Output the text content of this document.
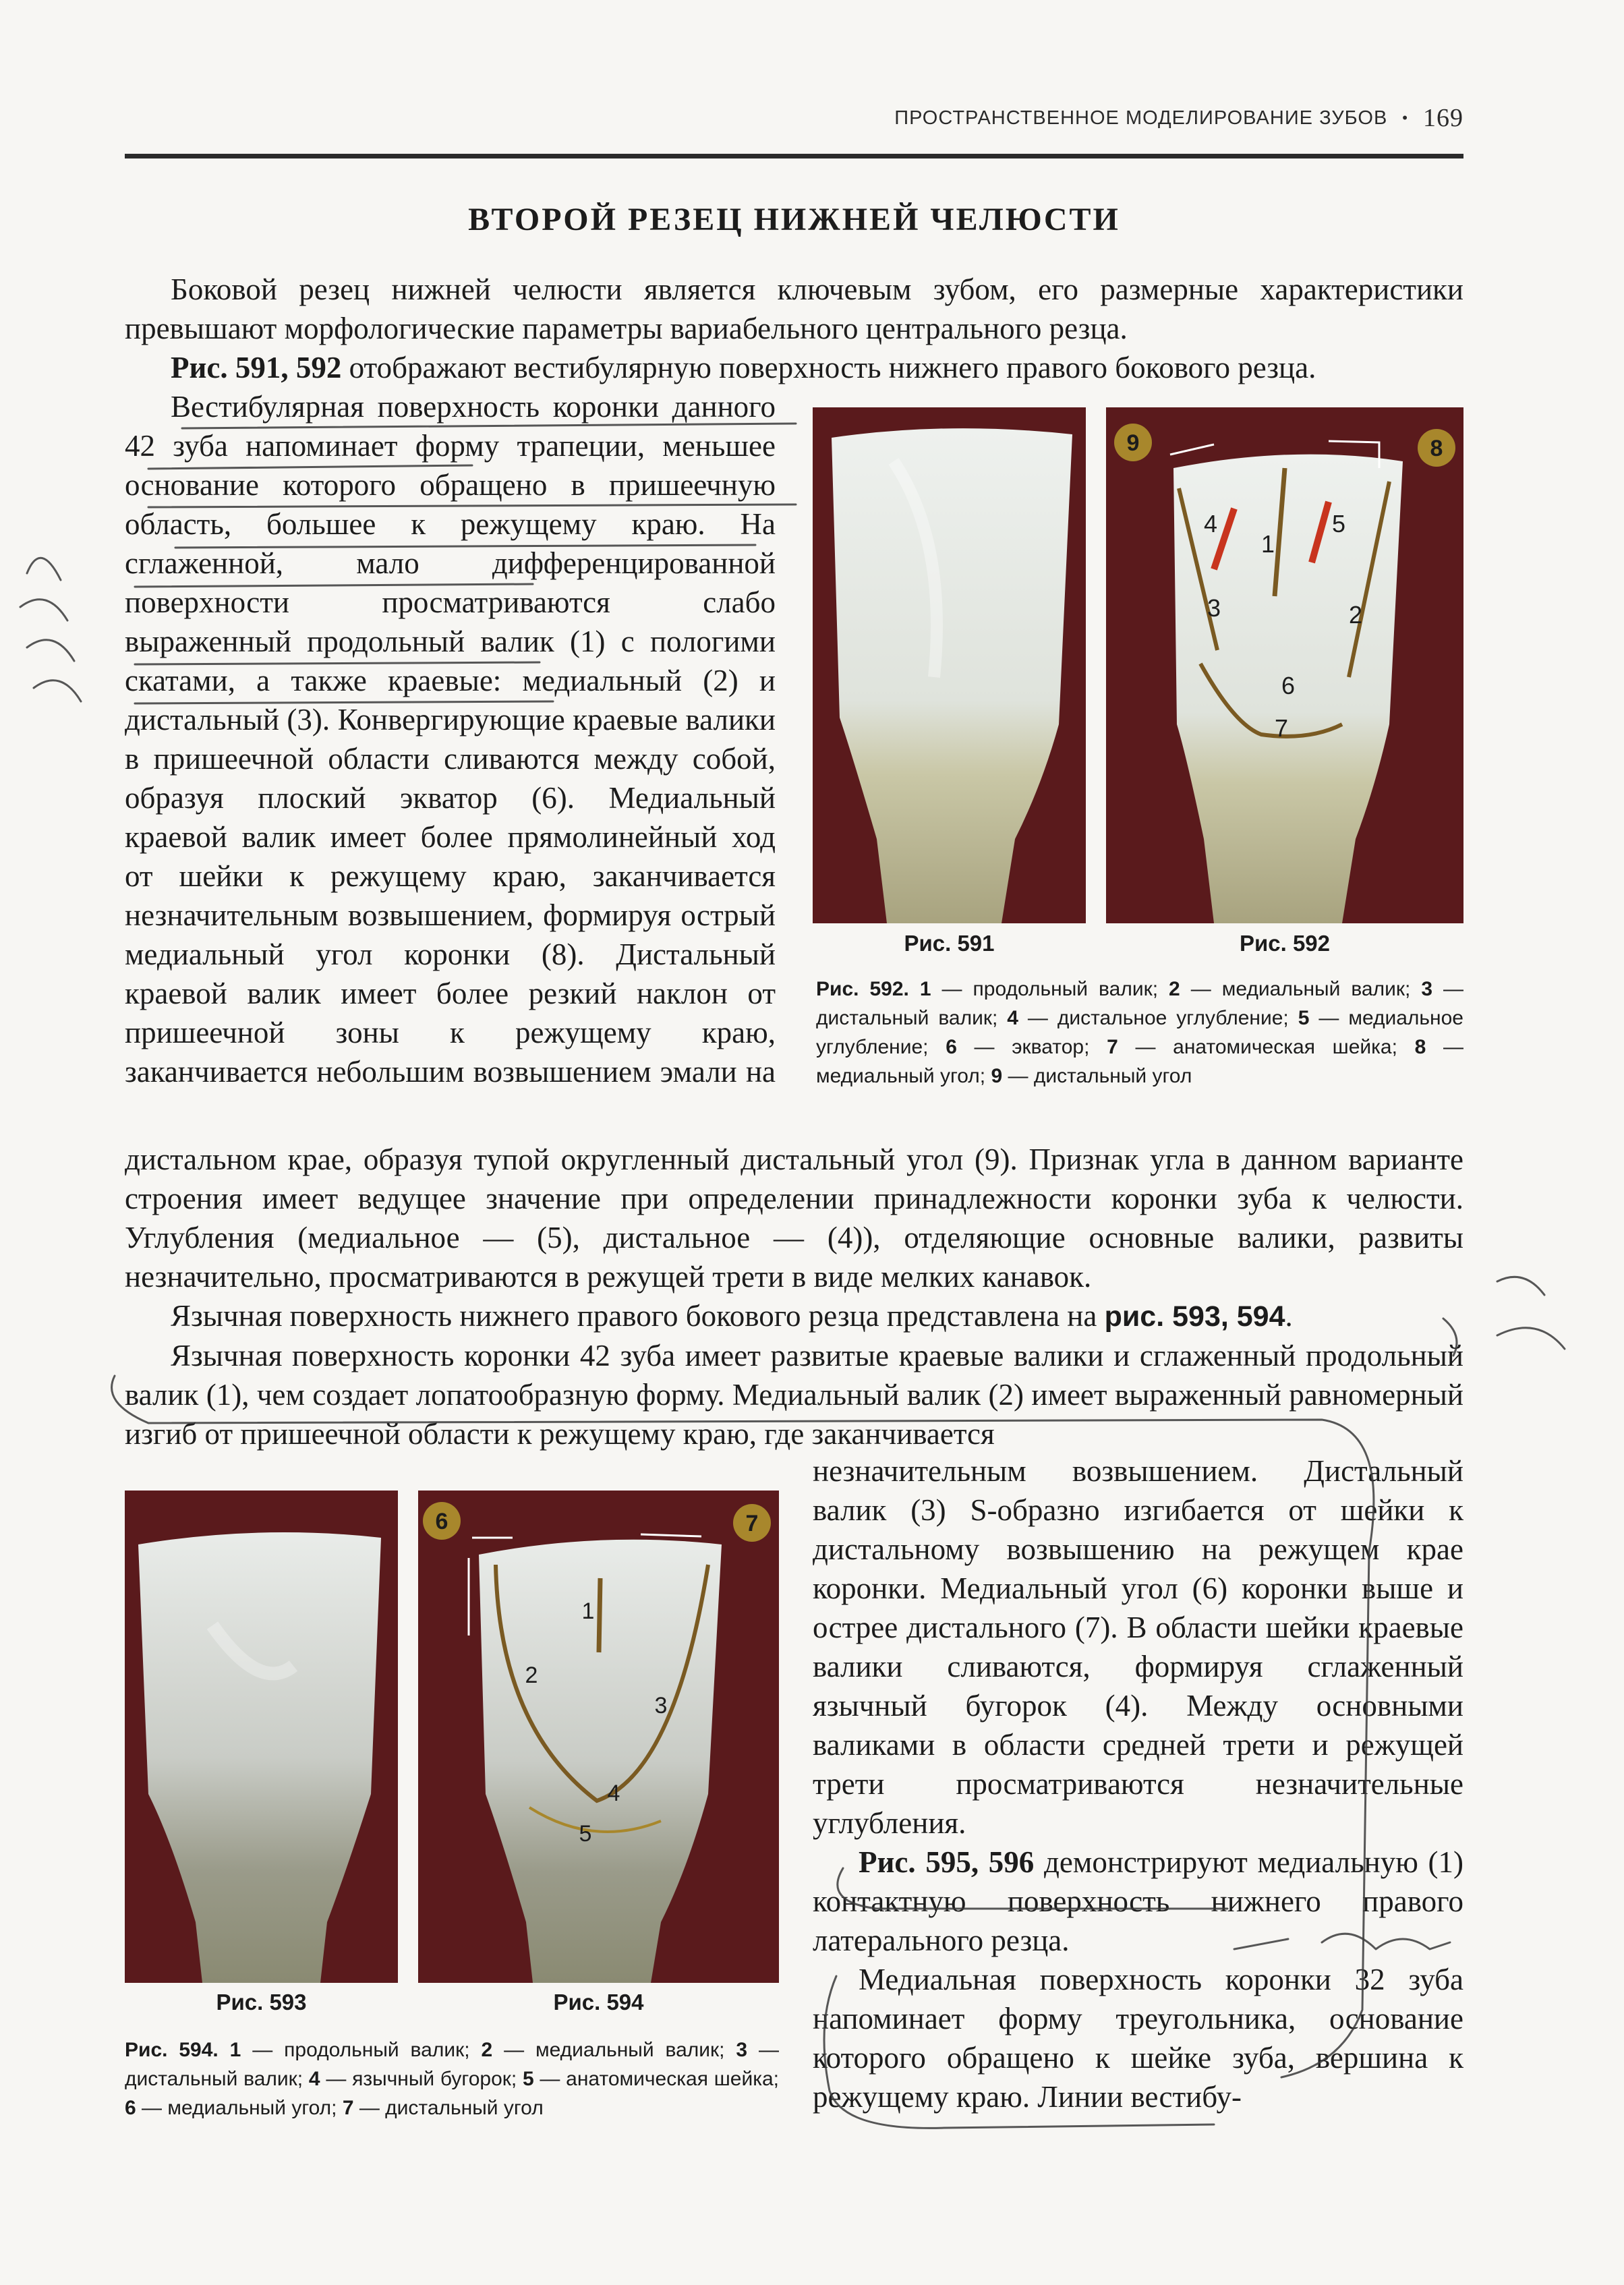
ПРОСТРАНСТВЕННОЕ МОДЕЛИРОВАНИЕ ЗУБОВ • 169
ВТОРОЙ РЕЗЕЦ НИЖНЕЙ ЧЕЛЮСТИ

Боковой резец нижней челюсти является ключевым зубом, его размерные характеристики превышают морфологические параметры вариабельного центрального резца.

Рис. 591, 592 отображают вестибулярную поверхность нижнего правого бокового резца.

Вестибулярная поверхность коронки данного 42 зуба напоминает форму трапеции, меньшее основание которого обращено в пришеечную область, большее к режущему краю. На сглаженной, мало дифференцированной поверхности просматриваются слабо выраженный продольный валик (1) с пологими скатами, а также краевые: медиальный (2) и дистальный (3). Конвергирующие краевые валики в пришеечной области сливаются между собой, образуя плоский экватор (6). Медиальный краевой валик имеет более прямолинейный ход от шейки к режущему краю, заканчивается незначительным возвышением, формируя острый медиальный угол коронки (8). Дистальный краевой валик имеет более резкий наклон от пришеечной зоны к режущему краю, заканчивается небольшим возвышением эмали на

9	8
1
2
3
4	5
6
7
Рис. 591	Рис. 592
Рис. 592. 1 — продольный валик; 2 — медиальный валик; 3 — дистальный валик; 4 — дистальное углубление; 5 — медиальное углубление; 6 — экватор; 7 — анатомическая шейка; 8 — медиальный угол; 9 — дистальный угол

дистальном крае, образуя тупой округленный дистальный угол (9). Признак угла в данном варианте строения имеет ведущее значение при определении принадлежности коронки зуба к челюсти. Углубления (медиальное — (5), дистальное — (4)), отделяющие основные валики, развиты незначительно, просматриваются в режущей трети в виде мелких канавок.

Язычная поверхность нижнего правого бокового резца представлена на рис. 593, 594.

Язычная поверхность коронки 42 зуба имеет развитые краевые валики и сглаженный продольный валик (1), чем создает лопатообразную форму. Медиальный валик (2) имеет выраженный равномерный изгиб от пришеечной области к режущему краю, где заканчивается

6	7
1
2
3
4
5
Рис. 593	Рис. 594
Рис. 594. 1 — продольный валик; 2 — медиальный валик; 3 — дистальный валик; 4 — язычный бугорок; 5 — анатомическая шейка; 6 — медиальный угол; 7 — дистальный угол

незначительным возвышением. Дистальный валик (3) S-образно изгибается от шейки к дистальному возвышению на режущем крае коронки. Медиальный угол (6) коронки выше и острее дистального (7). В области шейки краевые валики сливаются, формируя сглаженный язычный бугорок (4). Между основными валиками в области средней трети и режущей трети просматриваются незначительные углубления.

Рис. 595, 596 демонстрируют медиальную (1) контактную поверхность нижнего правого латерального резца.

Медиальная поверхность коронки 32 зуба напоминает форму треугольника, основание которого обращено к шейке зуба, вершина к режущему краю. Линии вестибу-
